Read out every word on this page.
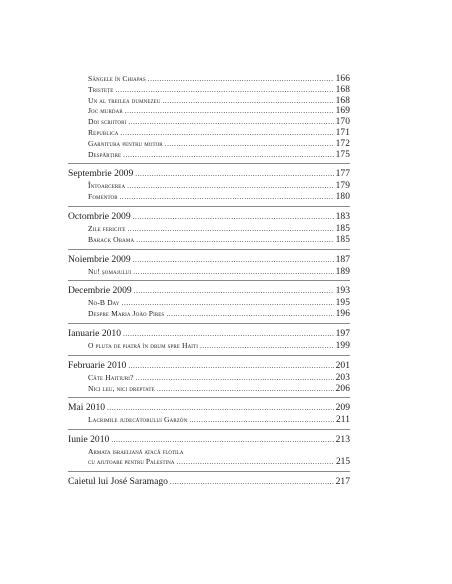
Sângele în Chiapas .....	166
Tristețe .....	168
Un al treilea dumnezeu .....	168
Joc murdar .....	169
Doi scriitori .....	170
Republica .....	171
Garnitura pentru motor .....	172
Despărțire .....	175
Septembrie 2009 .....	177
Întoarcerea .....	179
Fomentor .....	180
Octombrie 2009 .....	183
Zile fericite .....	185
Barack Obama .....	185
Noiembrie 2009 .....	187
Nu! șomajului .....	189
Decembrie 2009 .....	193
No-B Day .....	195
Despre Maria João Pires .....	196
Ianuarie 2010 .....	197
O pluta de piatră în drum spre Haiti .....	199
Februarie 2010 .....	201
Câte Haitiuri? .....	203
Nici leu, nici dreptate .....	206
Mai 2010 .....	209
Lacrimile judecătorului Garzón .....	211
Iunie 2010 .....	213
Armata israeliană atacă flotila
cu ajutoare pentru Palestina .....	215
Caietul lui José Saramago .....	217
